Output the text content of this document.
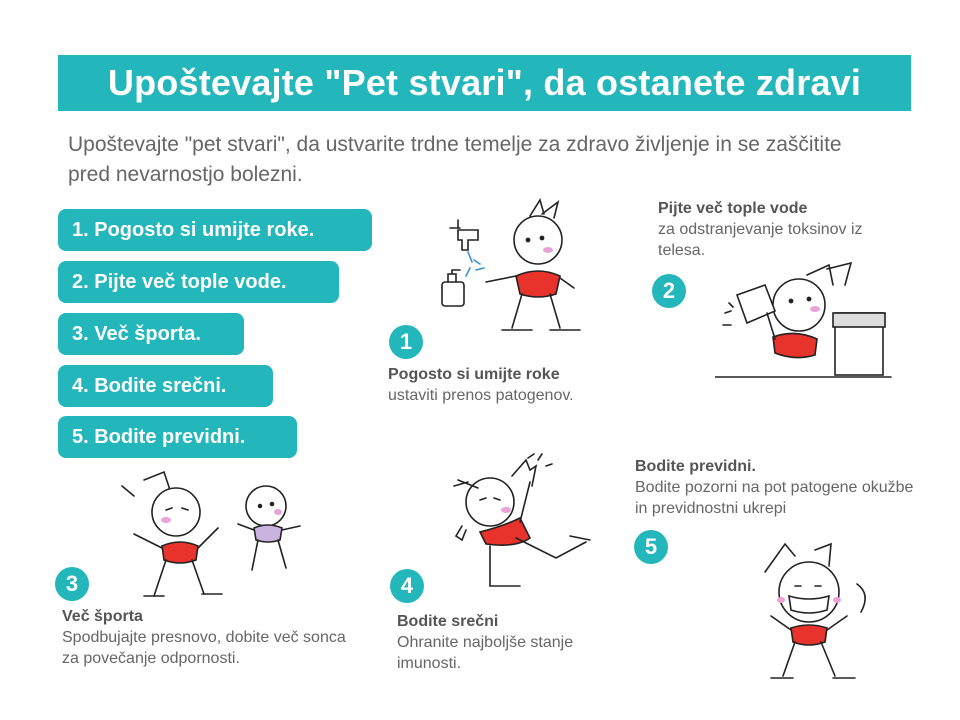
Upoštevajte "Pet stvari", da ostanete zdravi
Upoštevajte "pet stvari", da ustvarite trdne temelje za zdravo življenje in se zaščitite pred nevarnostjo bolezni.
1. Pogosto si umijte roke.
2. Pijte več tople vode.
3. Več športa.
4. Bodite srečni.
5. Bodite previdni.
1
Pogosto si umijte roke
ustaviti prenos patogenov.
Pijte več tople vode
za odstranjevanje toksinov iz telesa.
2
3
Več športa
Spodbujajte presnovo, dobite več sonca za povečanje odpornosti.
4
Bodite srečni
Ohranite najboljše stanje imunosti.
Bodite previdni.
Bodite pozorni na pot patogene okužbe in previdnostni ukrepi
5
